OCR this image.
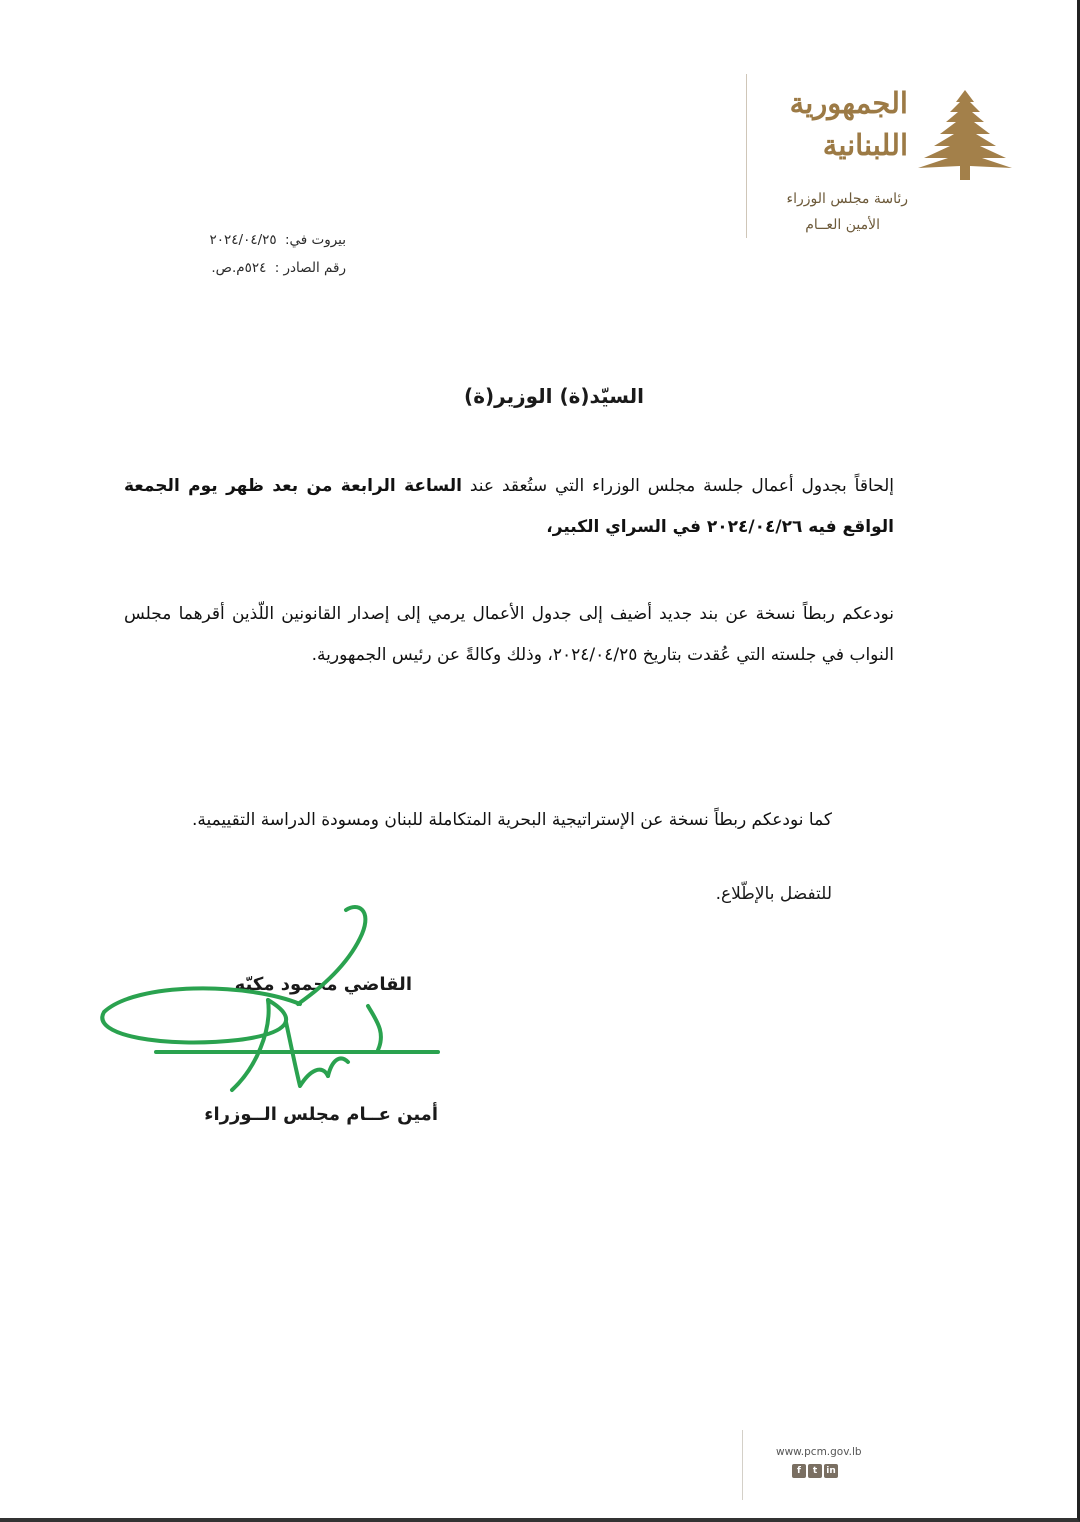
الجمهورية
اللبنانية
رئاسة مجلس الوزراء
الأمين العــام
بيروت في: ٢٠٢٤/٠٤/٢٥
رقم الصادر : ٥٢٤م.ص.
السيّد(ة) الوزير(ة)
إلحاقاً بجدول أعمال جلسة مجلس الوزراء التي ستُعقد عند الساعة الرابعة من بعد ظهر يوم الجمعة الواقع فيه ٢٠٢٤/٠٤/٢٦ في السراي الكبير،
نودعكم ربطاً نسخة عن بند جديد أضيف إلى جدول الأعمال يرمي إلى إصدار القانونين اللّذين أقرهما مجلس النواب في جلسته التي عُقدت بتاريخ ٢٠٢٤/٠٤/٢٥، وذلك وكالةً عن رئيس الجمهورية.
كما نودعكم ربطاً نسخة عن الإستراتيجية البحرية المتكاملة للبنان ومسودة الدراسة التقييمية.
للتفضل بالإطّلاع.
القاضي محمود مكيّه
أمين عــام مجلس الــوزراء
www.pcm.gov.lb
f	t	in
